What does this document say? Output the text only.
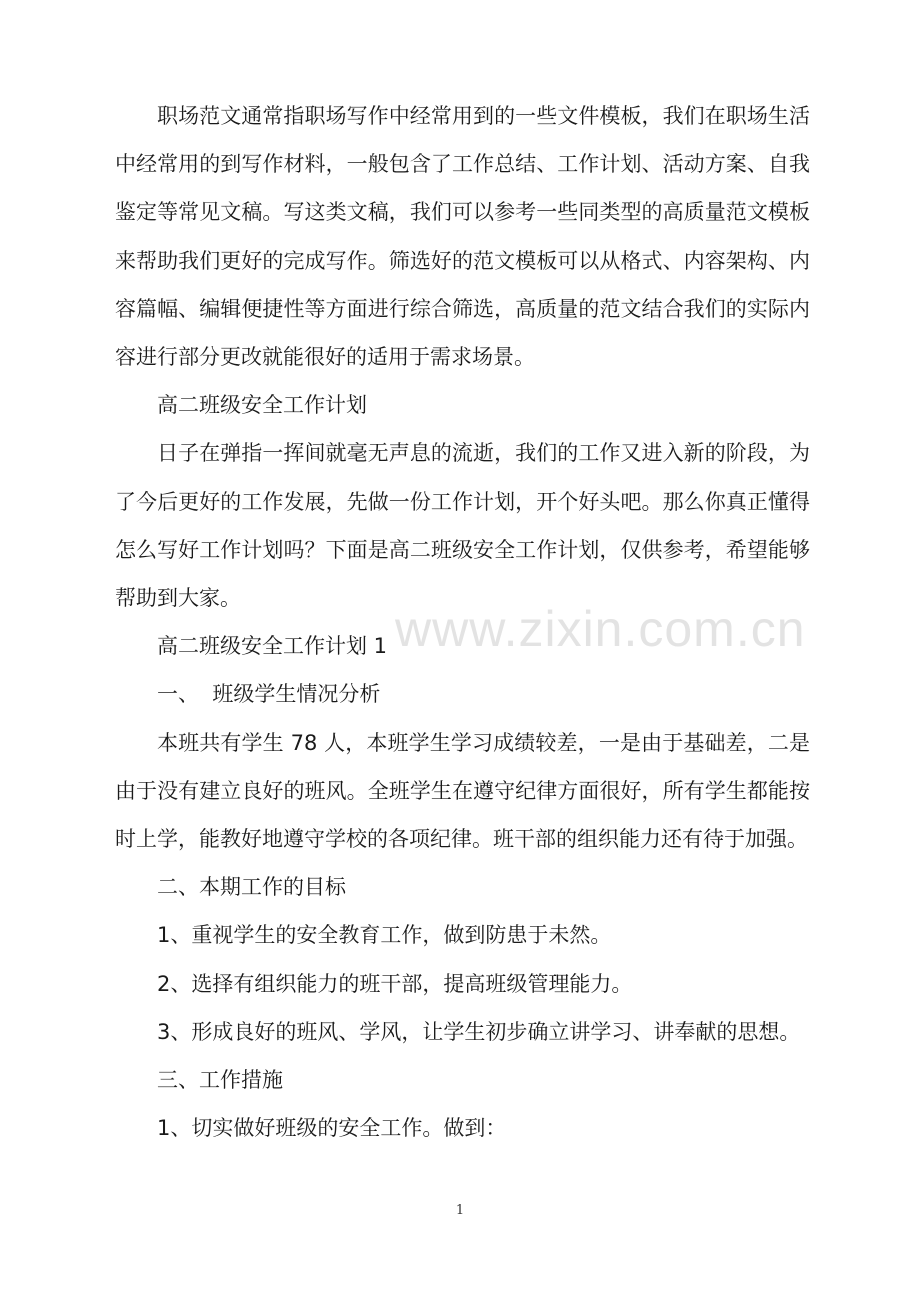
职场范文通常指职场写作中经常用到的一些文件模板，我们在职场生活中经常用的到写作材料，一般包含了工作总结、工作计划、活动方案、自我鉴定等常见文稿。写这类文稿，我们可以参考一些同类型的高质量范文模板来帮助我们更好的完成写作。筛选好的范文模板可以从格式、内容架构、内容篇幅、编辑便捷性等方面进行综合筛选，高质量的范文结合我们的实际内容进行部分更改就能很好的适用于需求场景。

高二班级安全工作计划

日子在弹指一挥间就毫无声息的流逝，我们的工作又进入新的阶段，为了今后更好的工作发展，先做一份工作计划，开个好头吧。那么你真正懂得怎么写好工作计划吗？下面是高二班级安全工作计划，仅供参考，希望能够帮助到大家。

高二班级安全工作计划 1

一、  班级学生情况分析

本班共有学生 78 人，本班学生学习成绩较差，一是由于基础差，二是由于没有建立良好的班风。全班学生在遵守纪律方面很好，所有学生都能按时上学，能教好地遵守学校的各项纪律。班干部的组织能力还有待于加强。

二、本期工作的目标

1、重视学生的安全教育工作，做到防患于未然。

2、选择有组织能力的班干部，提高班级管理能力。

3、形成良好的班风、学风，让学生初步确立讲学习、讲奉献的思想。

三、工作措施

1、切实做好班级的安全工作。做到：

www.zixin.com.cn
1
